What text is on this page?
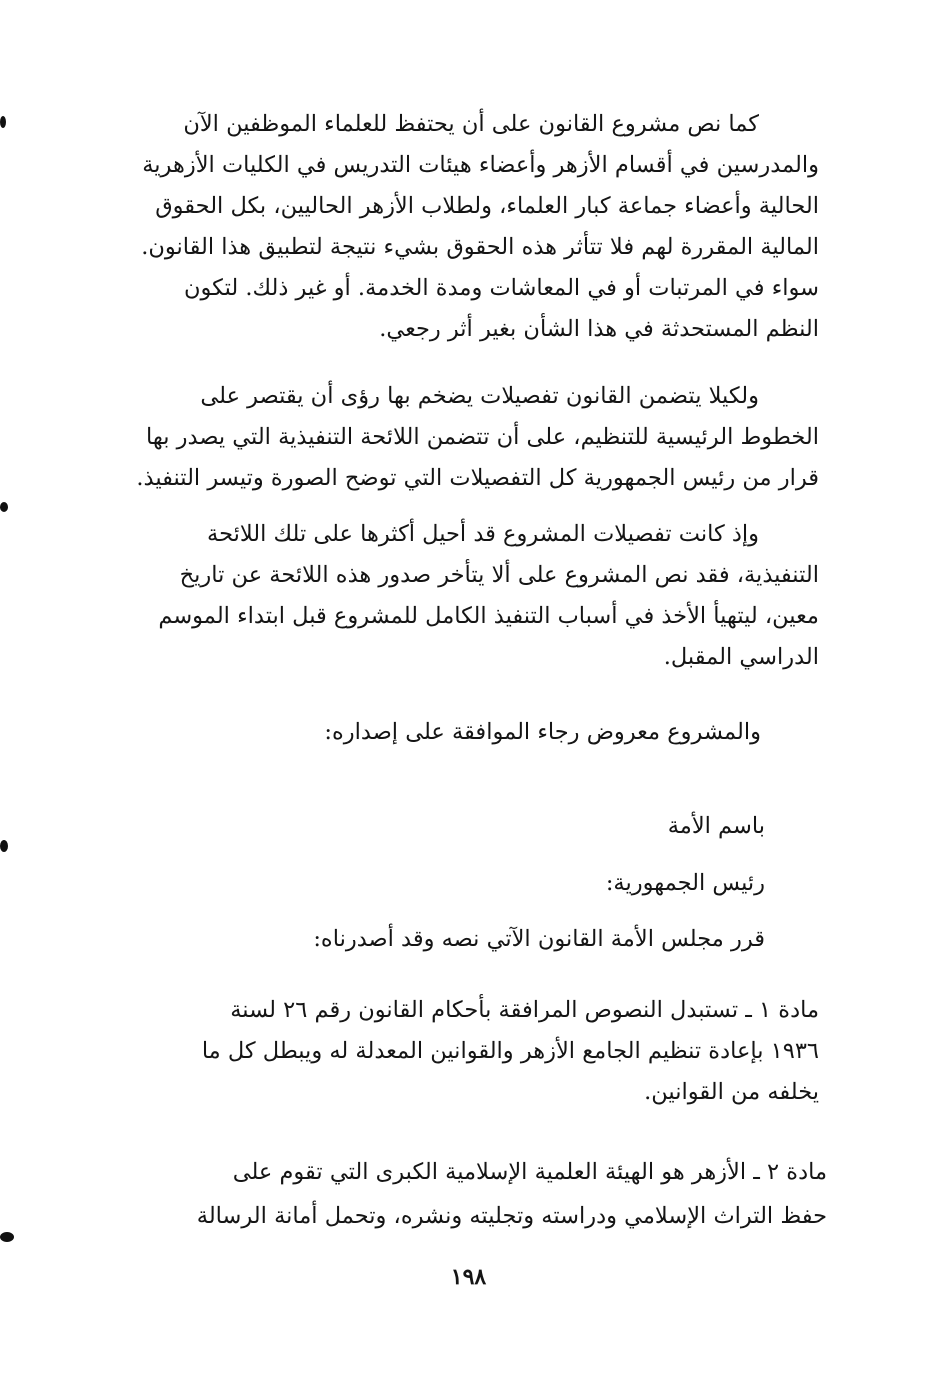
كما نص مشروع القانون على أن يحتفظ للعلماء الموظفين الآن
والمدرسين في أقسام الأزهر وأعضاء هيئات التدريس في الكليات الأزهرية
الحالية وأعضاء جماعة كبار العلماء، ولطلاب الأزهر الحاليين، بكل الحقوق
المالية المقررة لهم فلا تتأثر هذه الحقوق بشيء نتيجة لتطبيق هذا القانون.
سواء في المرتبات أو في المعاشات ومدة الخدمة. أو غير ذلك. لتكون
النظم المستحدثة في هذا الشأن بغير أثر رجعي.
ولكيلا يتضمن القانون تفصيلات يضخم بها رؤى أن يقتصر على
الخطوط الرئيسية للتنظيم، على أن تتضمن اللائحة التنفيذية التي يصدر بها
قرار من رئيس الجمهورية كل التفصيلات التي توضح الصورة وتيسر التنفيذ.
وإذ كانت تفصيلات المشروع قد أحيل أكثرها على تلك اللائحة
التنفيذية، فقد نص المشروع على ألا يتأخر صدور هذه اللائحة عن تاريخ
معين، ليتهيأ الأخذ في أسباب التنفيذ الكامل للمشروع قبل ابتداء الموسم
الدراسي المقبل.
والمشروع معروض رجاء الموافقة على إصداره:
باسم الأمة
رئيس الجمهورية:
قرر مجلس الأمة القانون الآتي نصه وقد أصدرناه:
مادة ١ ـ تستبدل النصوص المرافقة بأحكام القانون رقم ٢٦ لسنة
١٩٣٦ بإعادة تنظيم الجامع الأزهر والقوانين المعدلة له ويبطل كل ما
يخلفه من القوانين.
مادة ٢ ـ الأزهر هو الهيئة العلمية الإسلامية الكبرى التي تقوم على
حفظ التراث الإسلامي ودراسته وتجليته ونشره، وتحمل أمانة الرسالة
١٩٨
